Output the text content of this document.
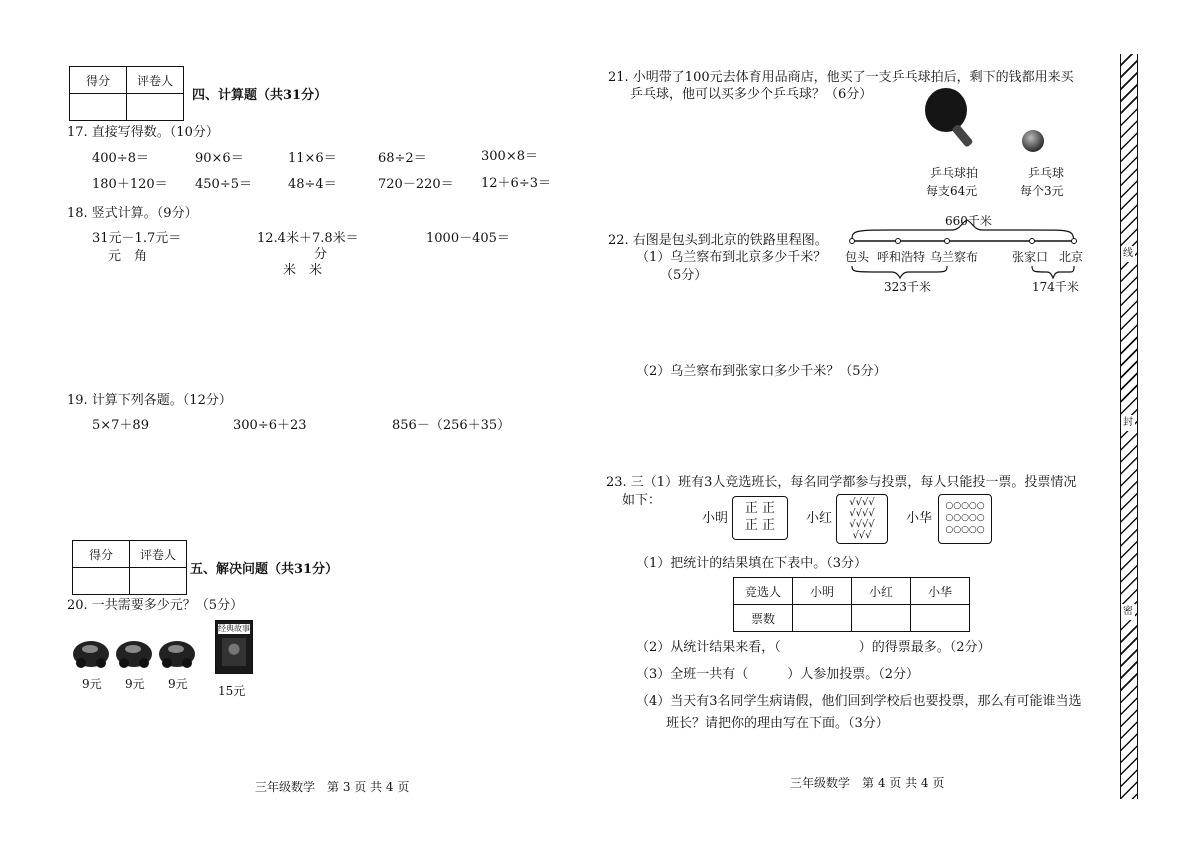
得分	评卷人

四、计算题（共31分）
17. 直接写得数。（10分）
400÷8＝	90×6＝	11×6＝	68÷2＝	300×8＝
180＋120＝ 450÷5＝	48÷4＝	720－220＝ 12＋6÷3＝
18. 竖式计算。（9分）
31元－1.7元＝
元　角
12.4米＋7.8米＝
分
米　米
1000－405＝
19. 计算下列各题。（12分）
5×7＋89	300÷6＋23	856－（256＋35）
得分	评卷人

五、解决问题（共31分）
20. 一共需要多少元？（5分）
9元 9元 9元
经典故事
15元
三年级数学　第 3 页 共 4 页
21. 小明带了100元去体育用品商店，他买了一支乒乓球拍后，剩下的钱都用来买
乒乓球，他可以买多少个乒乓球？（6分）
乒乓球拍
每支64元
乒乓球
每个3元
22. 右图是包头到北京的铁路里程图。
（1）乌兰察布到北京多少千米？
（5分）
660千米
包头 呼和浩特 乌兰察布	张家口 北京
323千米	174千米
（2）乌兰察布到张家口多少千米？（5分）
23. 三（1）班有3人竞选班长，每名同学都参与投票，每人只能投一票。投票情况
如下：
小明
正 正
正 正	小红
√√√√
√√√√
√√√√
√√√
小华
○○○○○
○○○○○
○○○○○
（1）把统计的结果填在下表中。（3分）
竞选人	小明	小红	小华
票数			
（2）从统计结果来看，（　　　　　　）的得票最多。（2分）
（3）全班一共有（　　　）人参加投票。（2分）
（4）当天有3名同学生病请假，他们回到学校后也要投票，那么有可能谁当选
班长？请把你的理由写在下面。（3分）
三年级数学　第 4 页 共 4 页
线
封
密
